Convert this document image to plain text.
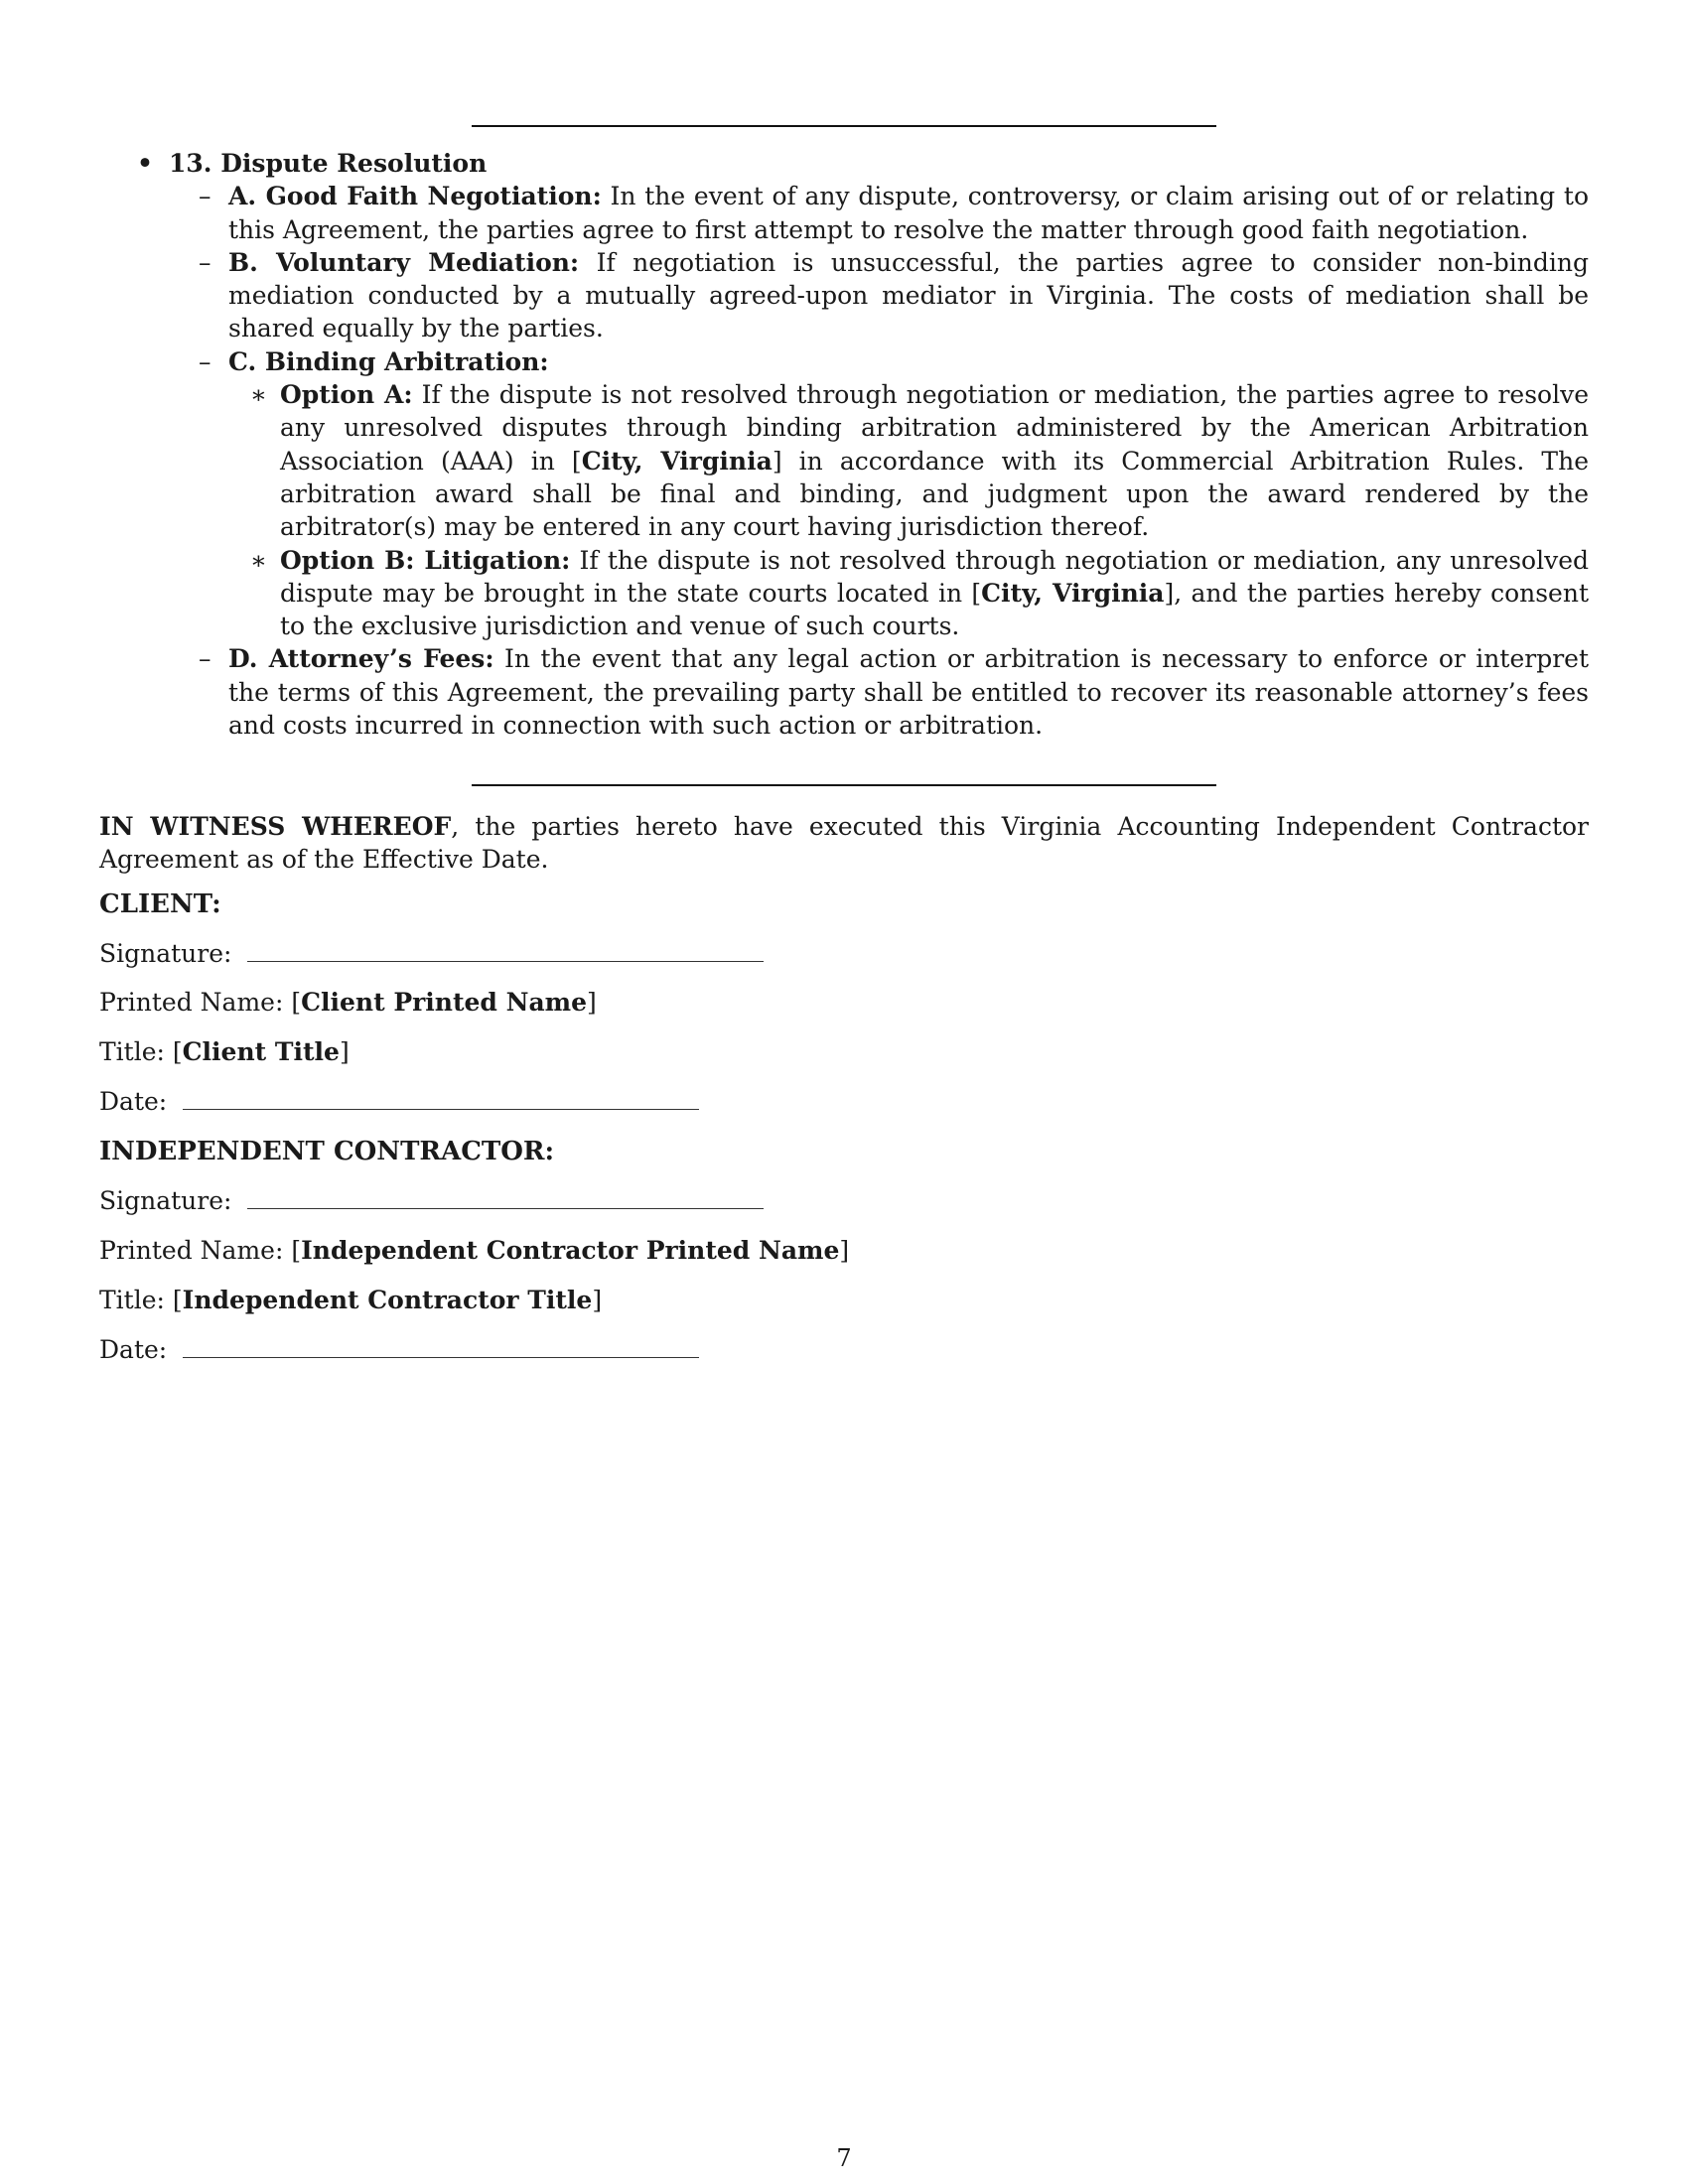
• 13. Dispute Resolution
– A. Good Faith Negotiation: In the event of any dispute, controversy, or claim arising out of or relating to this Agreement, the parties agree to first attempt to resolve the matter through good faith negotiation.
– B. Voluntary Mediation: If negotiation is unsuccessful, the parties agree to consider non-binding mediation conducted by a mutually agreed-upon mediator in Virginia. The costs of mediation shall be shared equally by the parties.
– C. Binding Arbitration:
∗ Option A: If the dispute is not resolved through negotiation or mediation, the parties agree to resolve any unresolved disputes through binding arbitration administered by the American Arbitration Association (AAA) in [City, Virginia] in accordance with its Commercial Arbitration Rules. The arbitration award shall be final and binding, and judgment upon the award rendered by the arbitrator(s) may be entered in any court having jurisdiction thereof.
∗ Option B: Litigation: If the dispute is not resolved through negotiation or mediation, any unresolved dispute may be brought in the state courts located in [City, Virginia], and the parties hereby consent to the exclusive jurisdiction and venue of such courts.
– D. Attorney’s Fees: In the event that any legal action or arbitration is necessary to enforce or interpret the terms of this Agreement, the prevailing party shall be entitled to recover its reasonable attorney’s fees and costs incurred in connection with such action or arbitration.
IN WITNESS WHEREOF, the parties hereto have executed this Virginia Accounting Independent Contractor Agreement as of the Effective Date.
CLIENT:
Signature:
Printed Name: [Client Printed Name]
Title: [Client Title]
Date:
INDEPENDENT CONTRACTOR:
Signature:
Printed Name: [Independent Contractor Printed Name]
Title: [Independent Contractor Title]
Date:
7
